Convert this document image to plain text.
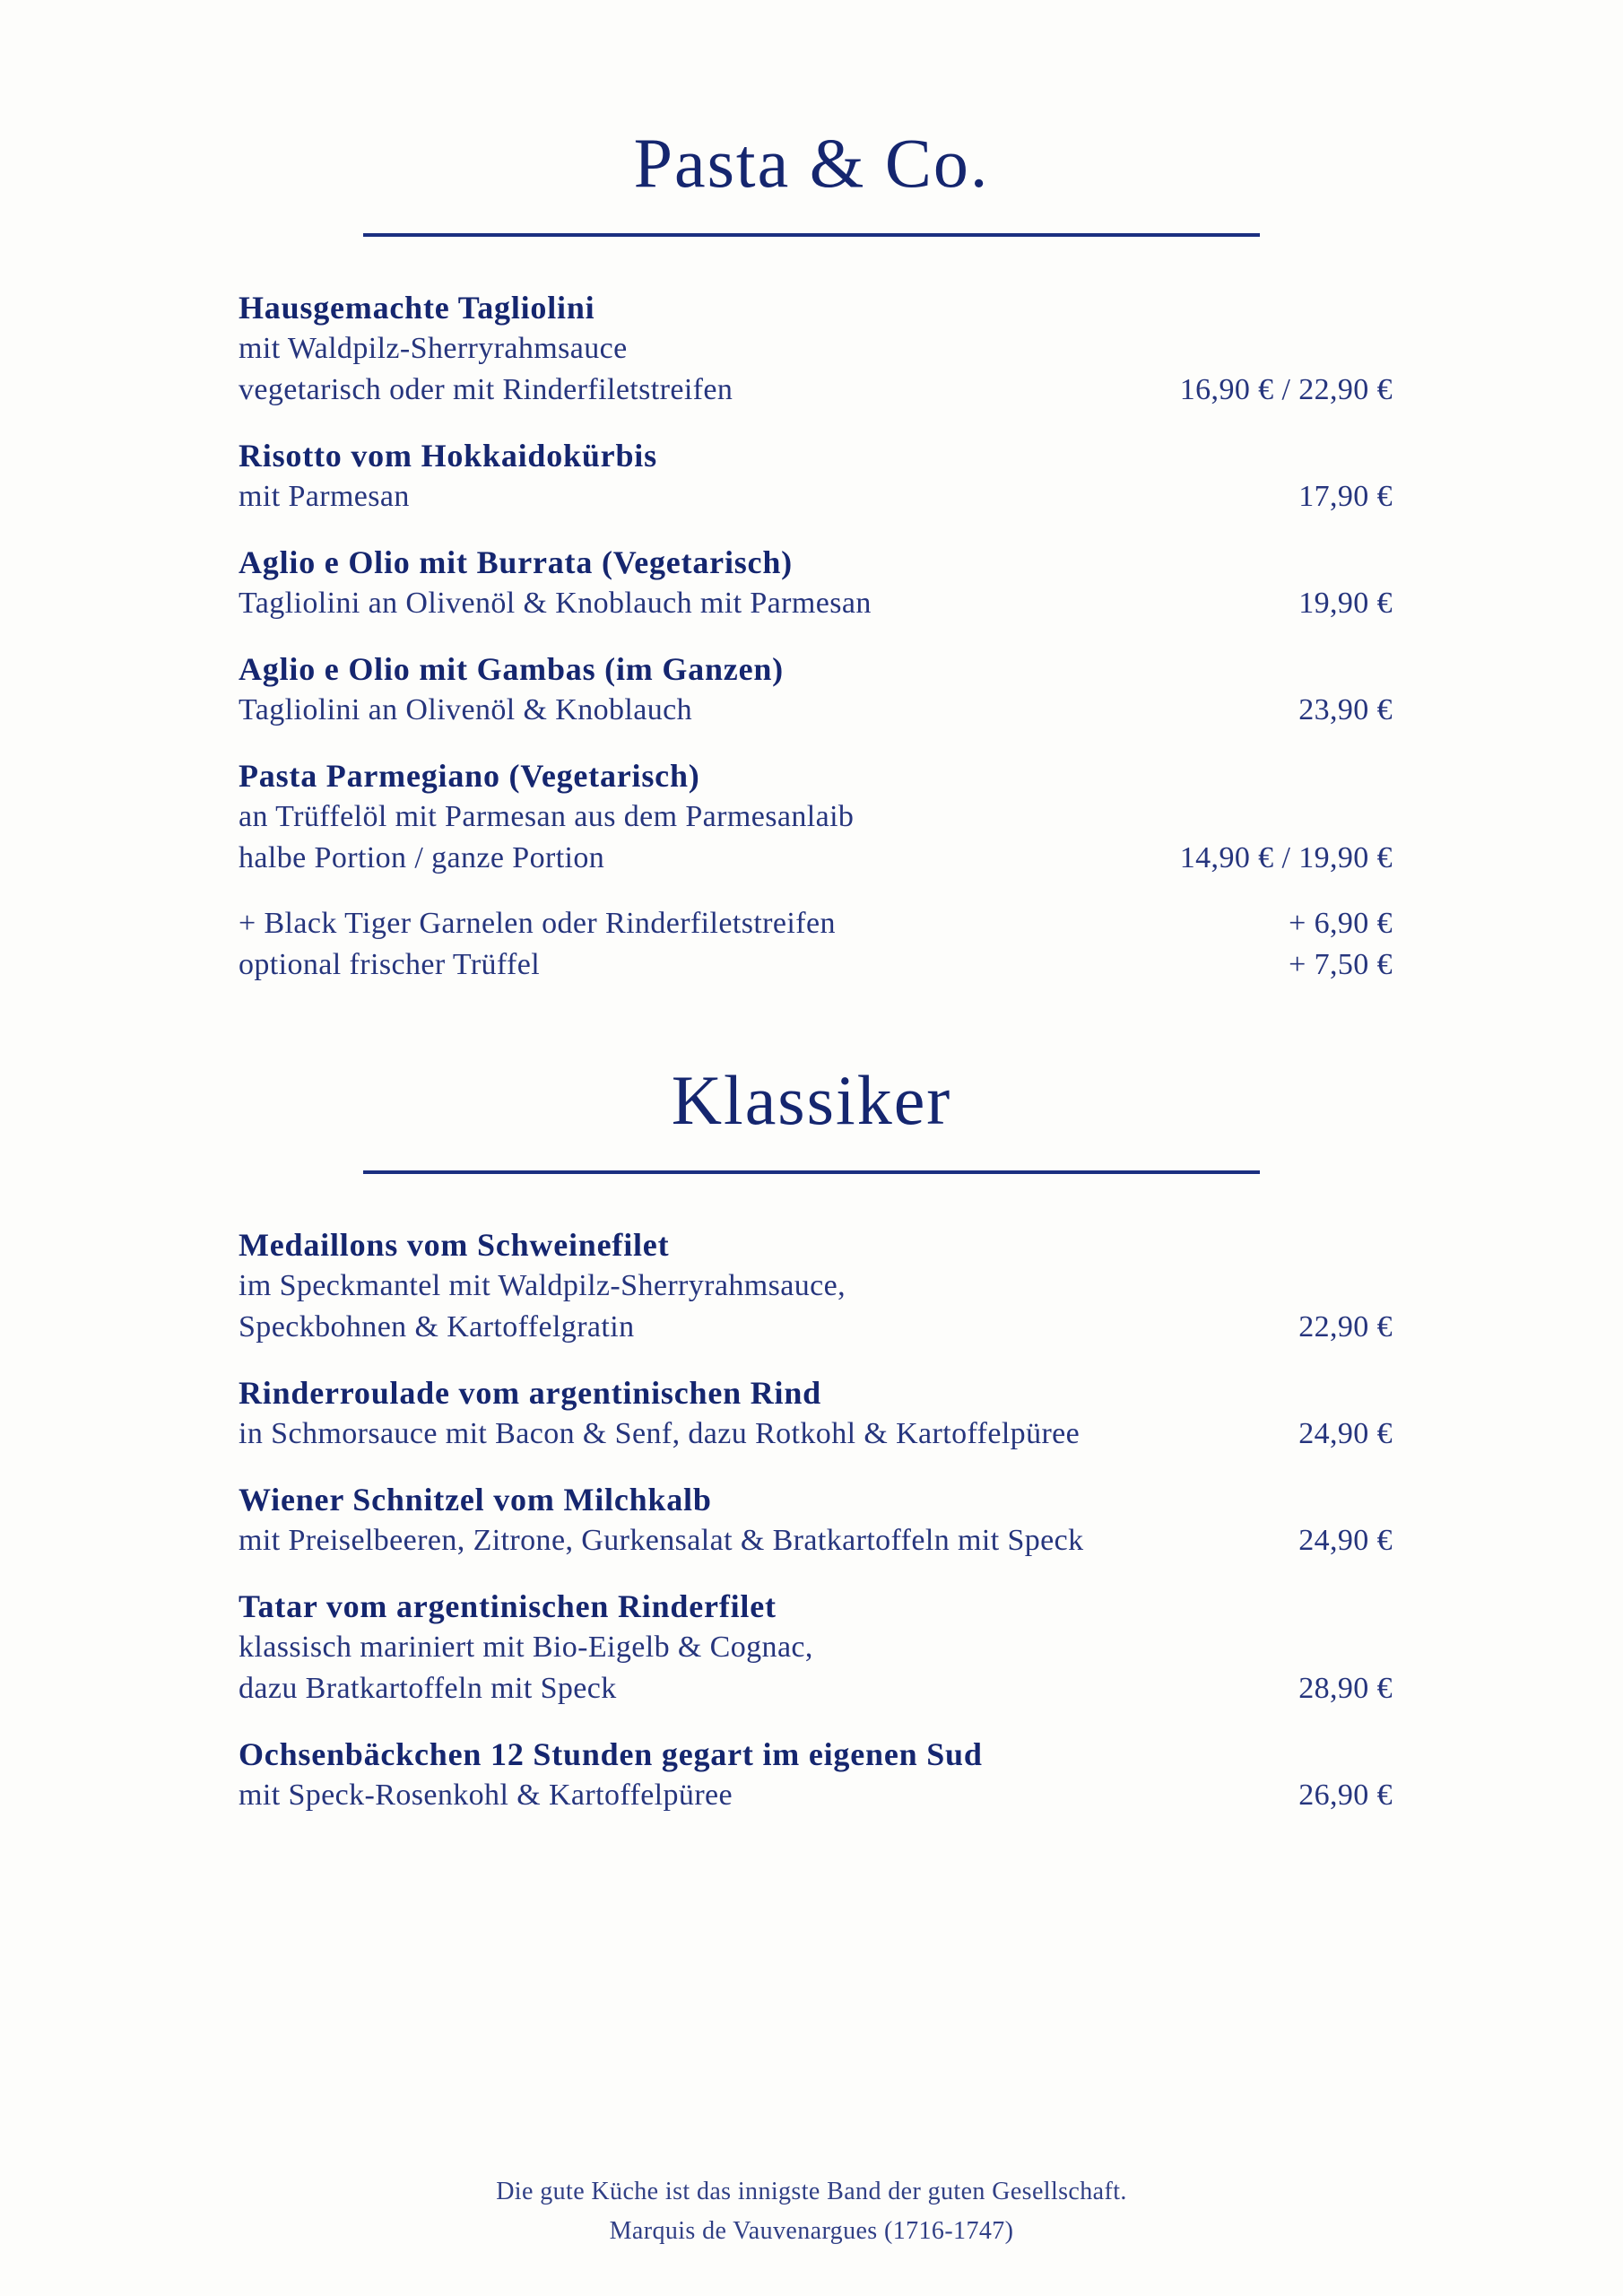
Pasta & Co.
Hausgemachte Tagliolini
mit Waldpilz-Sherryrahmsauce
vegetarisch oder mit Rinderfiletstreifen	16,90 € / 22,90 €
Risotto vom Hokkaidokürbis
mit Parmesan	17,90 €
Aglio e Olio mit Burrata (Vegetarisch)
Tagliolini an Olivenöl & Knoblauch mit Parmesan	19,90 €
Aglio e Olio mit Gambas (im Ganzen)
Tagliolini an Olivenöl & Knoblauch	23,90 €
Pasta Parmegiano (Vegetarisch)
an Trüffelöl mit Parmesan aus dem Parmesanlaib
halbe Portion / ganze Portion	14,90 € / 19,90 €
+ Black Tiger Garnelen oder Rinderfiletstreifen	+ 6,90 €
optional frischer Trüffel	+ 7,50 €
Klassiker
Medaillons vom Schweinefilet
im Speckmantel mit Waldpilz-Sherryrahmsauce,
Speckbohnen & Kartoffelgratin	22,90 €
Rinderroulade vom argentinischen Rind
in Schmorsauce mit Bacon & Senf, dazu Rotkohl & Kartoffelpüree	24,90 €
Wiener Schnitzel vom Milchkalb
mit Preiselbeeren, Zitrone, Gurkensalat & Bratkartoffeln mit Speck	24,90 €
Tatar vom argentinischen Rinderfilet
klassisch mariniert mit Bio-Eigelb & Cognac,
dazu Bratkartoffeln mit Speck	28,90 €
Ochsenbäckchen 12 Stunden gegart im eigenen Sud
mit Speck-Rosenkohl & Kartoffelpüree	26,90 €
Die gute Küche ist das innigste Band der guten Gesellschaft.
Marquis de Vauvenargues (1716-1747)
